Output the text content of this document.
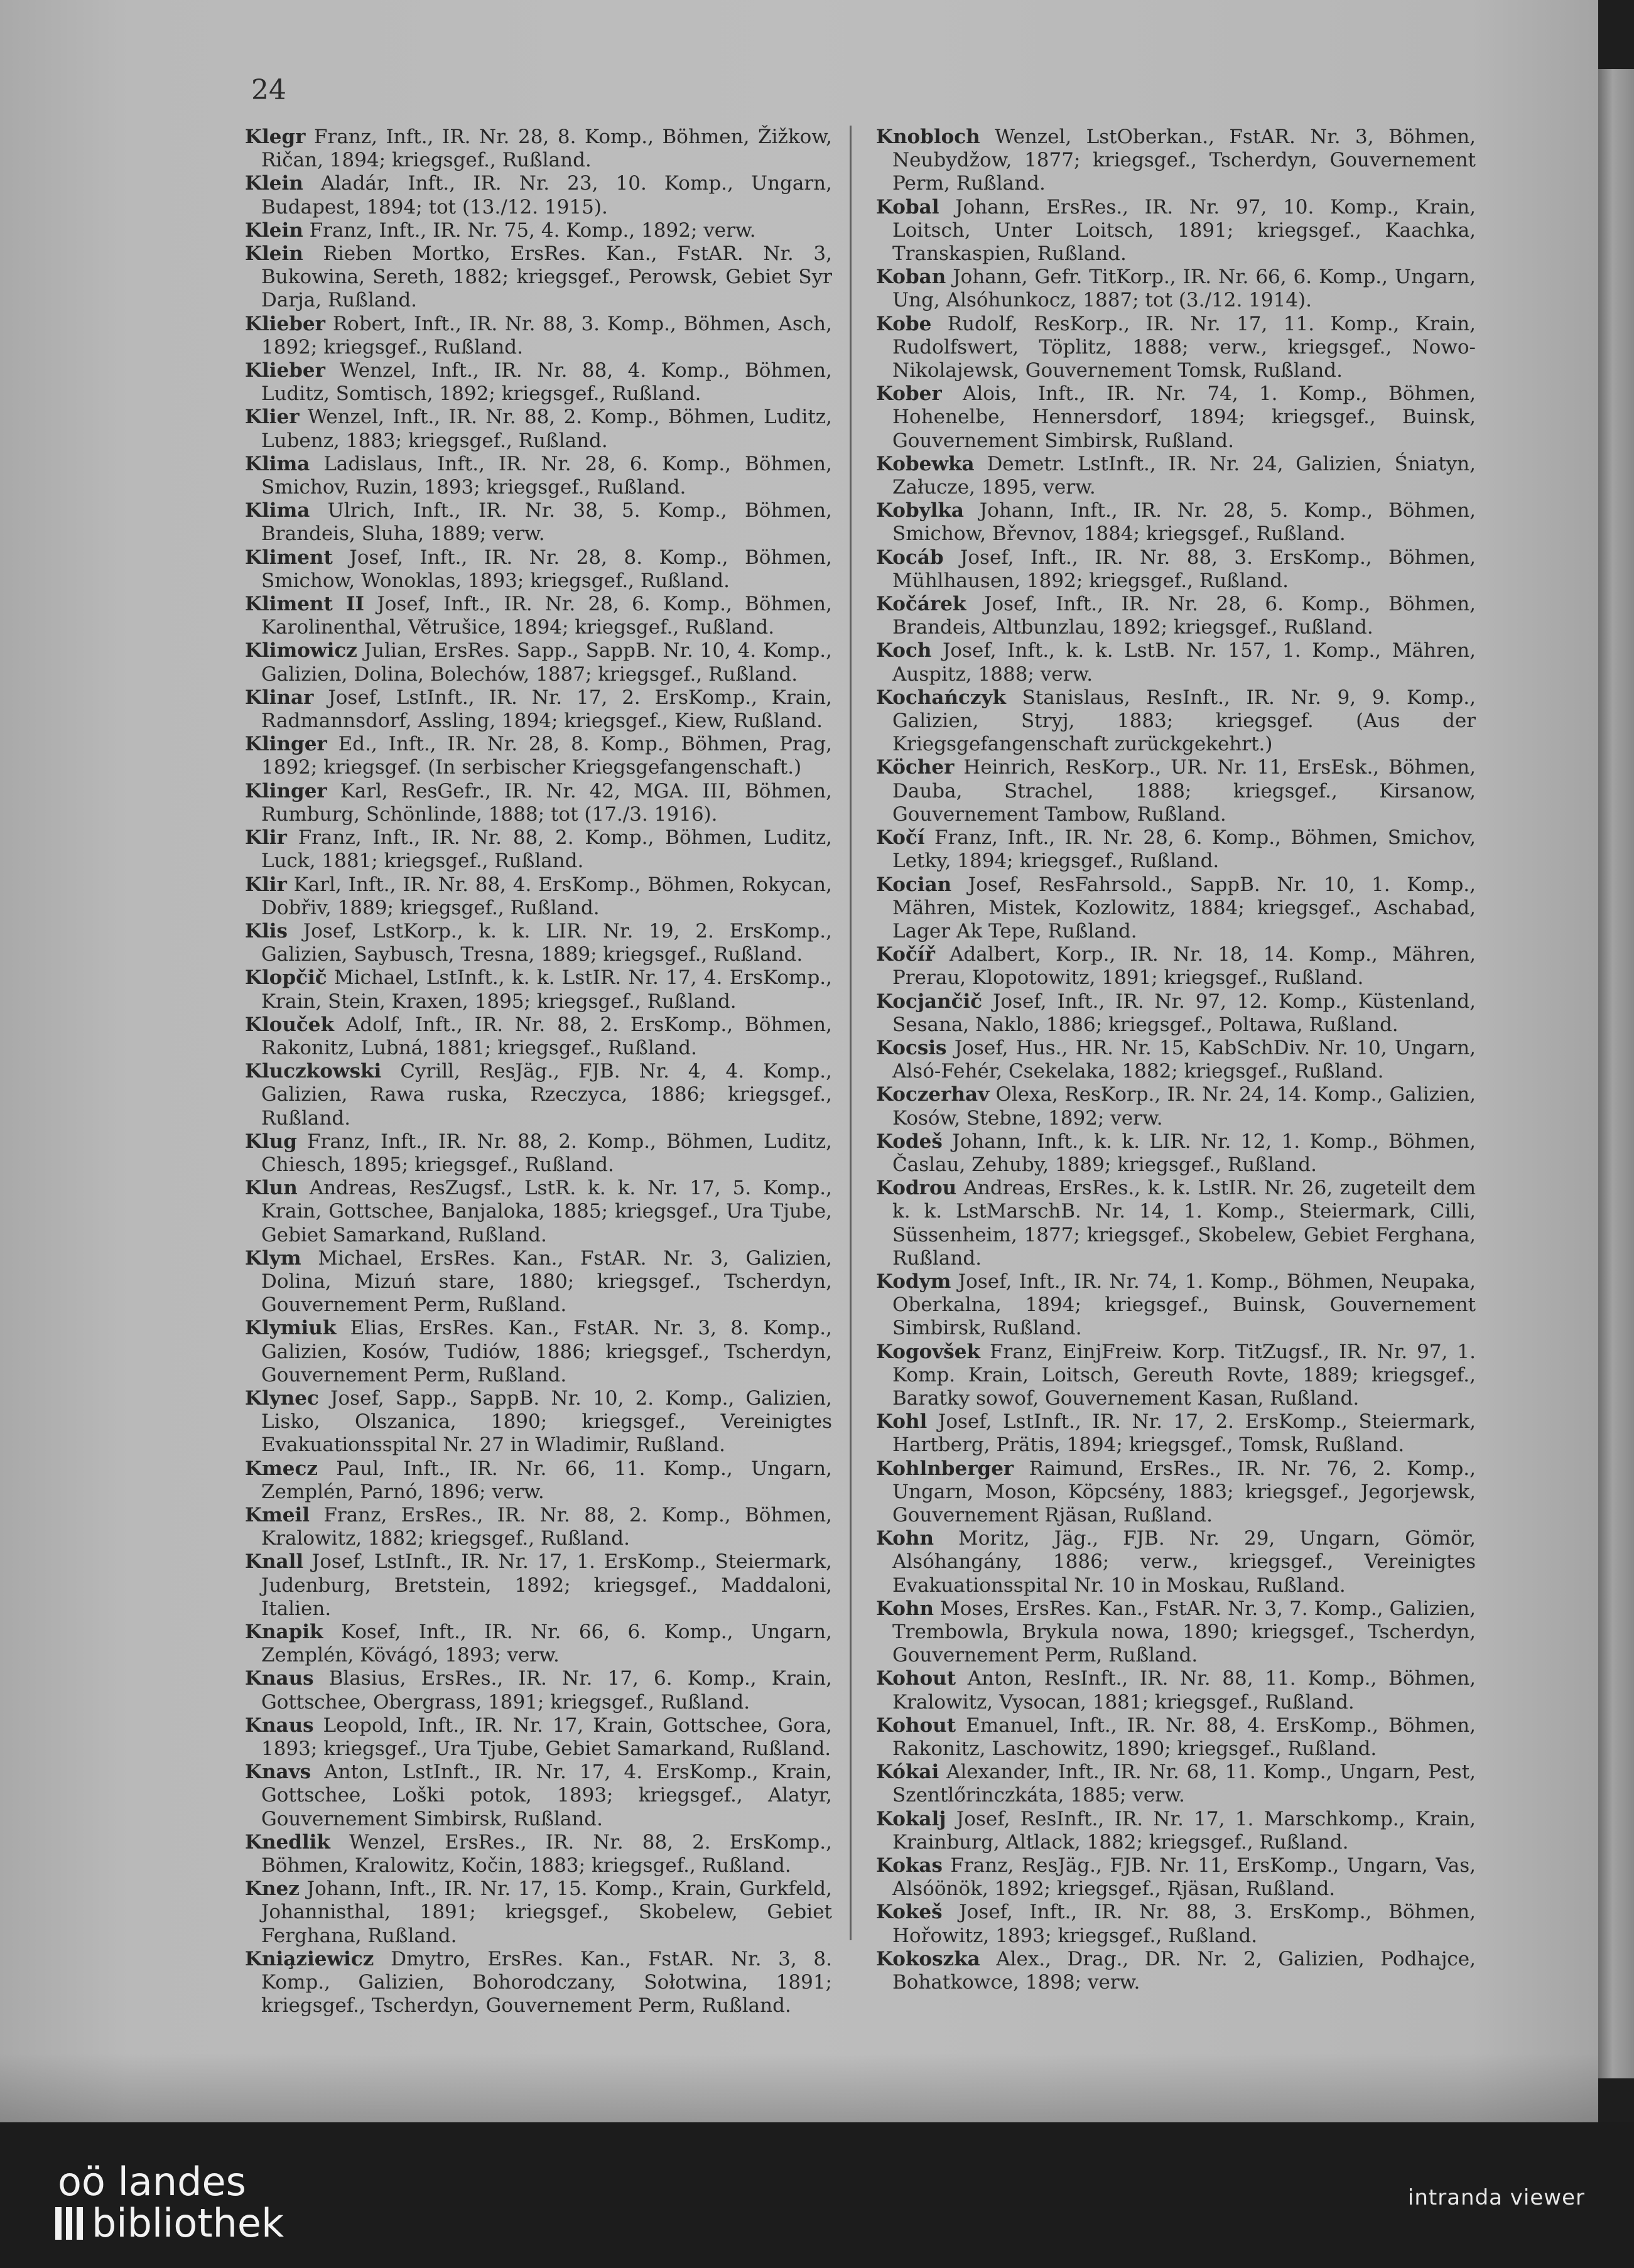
24
Klegr Franz, Inft., IR. Nr. 28, 8. Komp., Böhmen, Žižkow, Ričan, 1894; kriegsgef., Rußland.
Klein Aladár, Inft., IR. Nr. 23, 10. Komp., Ungarn, Budapest, 1894; tot (13./12. 1915).
Klein Franz, Inft., IR. Nr. 75, 4. Komp., 1892; verw.
Klein Rieben Mortko, ErsRes. Kan., FstAR. Nr. 3, Bukowina, Sereth, 1882; kriegsgef., Perowsk, Gebiet Syr Darja, Rußland.
Klieber Robert, Inft., IR. Nr. 88, 3. Komp., Böhmen, Asch, 1892; kriegsgef., Rußland.
Klieber Wenzel, Inft., IR. Nr. 88, 4. Komp., Böhmen, Luditz, Somtisch, 1892; kriegsgef., Rußland.
Klier Wenzel, Inft., IR. Nr. 88, 2. Komp., Böhmen, Luditz, Lubenz, 1883; kriegsgef., Rußland.
Klima Ladislaus, Inft., IR. Nr. 28, 6. Komp., Böhmen, Smichov, Ruzin, 1893; kriegsgef., Rußland.
Klima Ulrich, Inft., IR. Nr. 38, 5. Komp., Böhmen, Brandeis, Sluha, 1889; verw.
Kliment Josef, Inft., IR. Nr. 28, 8. Komp., Böhmen, Smichow, Wonoklas, 1893; kriegsgef., Rußland.
Kliment II Josef, Inft., IR. Nr. 28, 6. Komp., Böhmen, Karolinenthal, Větrušice, 1894; kriegsgef., Rußland.
Klimowicz Julian, ErsRes. Sapp., SappB. Nr. 10, 4. Komp., Galizien, Dolina, Bolechów, 1887; kriegsgef., Rußland.
Klinar Josef, LstInft., IR. Nr. 17, 2. ErsKomp., Krain, Radmannsdorf, Assling, 1894; kriegsgef., Kiew, Rußland.
Klinger Ed., Inft., IR. Nr. 28, 8. Komp., Böhmen, Prag, 1892; kriegsgef. (In serbischer Kriegsgefangenschaft.)
Klinger Karl, ResGefr., IR. Nr. 42, MGA. III, Böhmen, Rumburg, Schönlinde, 1888; tot (17./3. 1916).
Klir Franz, Inft., IR. Nr. 88, 2. Komp., Böhmen, Luditz, Luck, 1881; kriegsgef., Rußland.
Klir Karl, Inft., IR. Nr. 88, 4. ErsKomp., Böhmen, Rokycan, Dobřiv, 1889; kriegsgef., Rußland.
Klis Josef, LstKorp., k. k. LIR. Nr. 19, 2. ErsKomp., Galizien, Saybusch, Tresna, 1889; kriegsgef., Rußland.
Klopčič Michael, LstInft., k. k. LstIR. Nr. 17, 4. ErsKomp., Krain, Stein, Kraxen, 1895; kriegsgef., Rußland.
Klouček Adolf, Inft., IR. Nr. 88, 2. ErsKomp., Böhmen, Rakonitz, Lubná, 1881; kriegsgef., Rußland.
Kluczkowski Cyrill, ResJäg., FJB. Nr. 4, 4. Komp., Galizien, Rawa ruska, Rzeczyca, 1886; kriegsgef., Rußland.
Klug Franz, Inft., IR. Nr. 88, 2. Komp., Böhmen, Luditz, Chiesch, 1895; kriegsgef., Rußland.
Klun Andreas, ResZugsf., LstR. k. k. Nr. 17, 5. Komp., Krain, Gottschee, Banjaloka, 1885; kriegsgef., Ura Tjube, Gebiet Samarkand, Rußland.
Klym Michael, ErsRes. Kan., FstAR. Nr. 3, Galizien, Dolina, Mizuń stare, 1880; kriegsgef., Tscherdyn, Gouvernement Perm, Rußland.
Klymiuk Elias, ErsRes. Kan., FstAR. Nr. 3, 8. Komp., Galizien, Kosów, Tudiów, 1886; kriegsgef., Tscherdyn, Gouvernement Perm, Rußland.
Klynec Josef, Sapp., SappB. Nr. 10, 2. Komp., Galizien, Lisko, Olszanica, 1890; kriegsgef., Vereinigtes Evakuationsspital Nr. 27 in Wladimir, Rußland.
Kmecz Paul, Inft., IR. Nr. 66, 11. Komp., Ungarn, Zemplén, Parnó, 1896; verw.
Kmeil Franz, ErsRes., IR. Nr. 88, 2. Komp., Böhmen, Kralowitz, 1882; kriegsgef., Rußland.
Knall Josef, LstInft., IR. Nr. 17, 1. ErsKomp., Steiermark, Judenburg, Bretstein, 1892; kriegsgef., Maddaloni, Italien.
Knapik Kosef, Inft., IR. Nr. 66, 6. Komp., Ungarn, Zemplén, Kövágó, 1893; verw.
Knaus Blasius, ErsRes., IR. Nr. 17, 6. Komp., Krain, Gottschee, Obergrass, 1891; kriegsgef., Rußland.
Knaus Leopold, Inft., IR. Nr. 17, Krain, Gottschee, Gora, 1893; kriegsgef., Ura Tjube, Gebiet Samarkand, Rußland.
Knavs Anton, LstInft., IR. Nr. 17, 4. ErsKomp., Krain, Gottschee, Loški potok, 1893; kriegsgef., Alatyr, Gouvernement Simbirsk, Rußland.
Knedlik Wenzel, ErsRes., IR. Nr. 88, 2. ErsKomp., Böhmen, Kralowitz, Kočin, 1883; kriegsgef., Rußland.
Knez Johann, Inft., IR. Nr. 17, 15. Komp., Krain, Gurkfeld, Johannisthal, 1891; kriegsgef., Skobelew, Gebiet Ferghana, Rußland.
Knia̧ziewicz Dmytro, ErsRes. Kan., FstAR. Nr. 3, 8. Komp., Galizien, Bohorodczany, Sołotwina, 1891; kriegsgef., Tscherdyn, Gouvernement Perm, Rußland.
Knobloch Wenzel, LstOberkan., FstAR. Nr. 3, Böhmen, Neubydžow, 1877; kriegsgef., Tscherdyn, Gouvernement Perm, Rußland.
Kobal Johann, ErsRes., IR. Nr. 97, 10. Komp., Krain, Loitsch, Unter Loitsch, 1891; kriegsgef., Kaachka, Transkaspien, Rußland.
Koban Johann, Gefr. TitKorp., IR. Nr. 66, 6. Komp., Ungarn, Ung, Alsóhunkocz, 1887; tot (3./12. 1914).
Kobe Rudolf, ResKorp., IR. Nr. 17, 11. Komp., Krain, Rudolfswert, Töplitz, 1888; verw., kriegsgef., Nowo-Nikolajewsk, Gouvernement Tomsk, Rußland.
Kober Alois, Inft., IR. Nr. 74, 1. Komp., Böhmen, Hohenelbe, Hennersdorf, 1894; kriegsgef., Buinsk, Gouvernement Simbirsk, Rußland.
Kobewka Demetr. LstInft., IR. Nr. 24, Galizien, Śniatyn, Załucze, 1895, verw.
Kobylka Johann, Inft., IR. Nr. 28, 5. Komp., Böhmen, Smichow, Břevnov, 1884; kriegsgef., Rußland.
Kocáb Josef, Inft., IR. Nr. 88, 3. ErsKomp., Böhmen, Mühlhausen, 1892; kriegsgef., Rußland.
Kočárek Josef, Inft., IR. Nr. 28, 6. Komp., Böhmen, Brandeis, Altbunzlau, 1892; kriegsgef., Rußland.
Koch Josef, Inft., k. k. LstB. Nr. 157, 1. Komp., Mähren, Auspitz, 1888; verw.
Kochańczyk Stanislaus, ResInft., IR. Nr. 9, 9. Komp., Galizien, Stryj, 1883; kriegsgef. (Aus der Kriegsgefangenschaft zurückgekehrt.)
Köcher Heinrich, ResKorp., UR. Nr. 11, ErsEsk., Böhmen, Dauba, Strachel, 1888; kriegsgef., Kirsanow, Gouvernement Tambow, Rußland.
Kočí Franz, Inft., IR. Nr. 28, 6. Komp., Böhmen, Smichov, Letky, 1894; kriegsgef., Rußland.
Kocian Josef, ResFahrsold., SappB. Nr. 10, 1. Komp., Mähren, Mistek, Kozlowitz, 1884; kriegsgef., Aschabad, Lager Ak Tepe, Rußland.
Kočíř Adalbert, Korp., IR. Nr. 18, 14. Komp., Mähren, Prerau, Klopotowitz, 1891; kriegsgef., Rußland.
Kocjančič Josef, Inft., IR. Nr. 97, 12. Komp., Küstenland, Sesana, Naklo, 1886; kriegsgef., Poltawa, Rußland.
Kocsis Josef, Hus., HR. Nr. 15, KabSchDiv. Nr. 10, Ungarn, Alsó-Fehér, Csekelaka, 1882; kriegsgef., Rußland.
Koczerhav Olexa, ResKorp., IR. Nr. 24, 14. Komp., Galizien, Kosów, Stebne, 1892; verw.
Kodeš Johann, Inft., k. k. LIR. Nr. 12, 1. Komp., Böhmen, Časlau, Zehuby, 1889; kriegsgef., Rußland.
Kodrou Andreas, ErsRes., k. k. LstIR. Nr. 26, zugeteilt dem k. k. LstMarschB. Nr. 14, 1. Komp., Steiermark, Cilli, Süssenheim, 1877; kriegsgef., Skobelew, Gebiet Ferghana, Rußland.
Kodym Josef, Inft., IR. Nr. 74, 1. Komp., Böhmen, Neupaka, Oberkalna, 1894; kriegsgef., Buinsk, Gouvernement Simbirsk, Rußland.
Kogovšek Franz, EinjFreiw. Korp. TitZugsf., IR. Nr. 97, 1. Komp. Krain, Loitsch, Gereuth Rovte, 1889; kriegsgef., Baratky sowof, Gouvernement Kasan, Rußland.
Kohl Josef, LstInft., IR. Nr. 17, 2. ErsKomp., Steiermark, Hartberg, Prätis, 1894; kriegsgef., Tomsk, Rußland.
Kohlnberger Raimund, ErsRes., IR. Nr. 76, 2. Komp., Ungarn, Moson, Köpcsény, 1883; kriegsgef., Jegorjewsk, Gouvernement Rjäsan, Rußland.
Kohn Moritz, Jäg., FJB. Nr. 29, Ungarn, Gömör, Alsóhangány, 1886; verw., kriegsgef., Vereinigtes Evakuationsspital Nr. 10 in Moskau, Rußland.
Kohn Moses, ErsRes. Kan., FstAR. Nr. 3, 7. Komp., Galizien, Trembowla, Brykula nowa, 1890; kriegsgef., Tscherdyn, Gouvernement Perm, Rußland.
Kohout Anton, ResInft., IR. Nr. 88, 11. Komp., Böhmen, Kralowitz, Vysocan, 1881; kriegsgef., Rußland.
Kohout Emanuel, Inft., IR. Nr. 88, 4. ErsKomp., Böhmen, Rakonitz, Laschowitz, 1890; kriegsgef., Rußland.
Kókai Alexander, Inft., IR. Nr. 68, 11. Komp., Ungarn, Pest, Szentlőrinczkáta, 1885; verw.
Kokalj Josef, ResInft., IR. Nr. 17, 1. Marschkomp., Krain, Krainburg, Altlack, 1882; kriegsgef., Rußland.
Kokas Franz, ResJäg., FJB. Nr. 11, ErsKomp., Ungarn, Vas, Alsóönök, 1892; kriegsgef., Rjäsan, Rußland.
Kokeš Josef, Inft., IR. Nr. 88, 3. ErsKomp., Böhmen, Hořowitz, 1893; kriegsgef., Rußland.
Kokoszka Alex., Drag., DR. Nr. 2, Galizien, Podhajce, Bohatkowce, 1898; verw.
oö landes
bibliothek
intranda viewer
